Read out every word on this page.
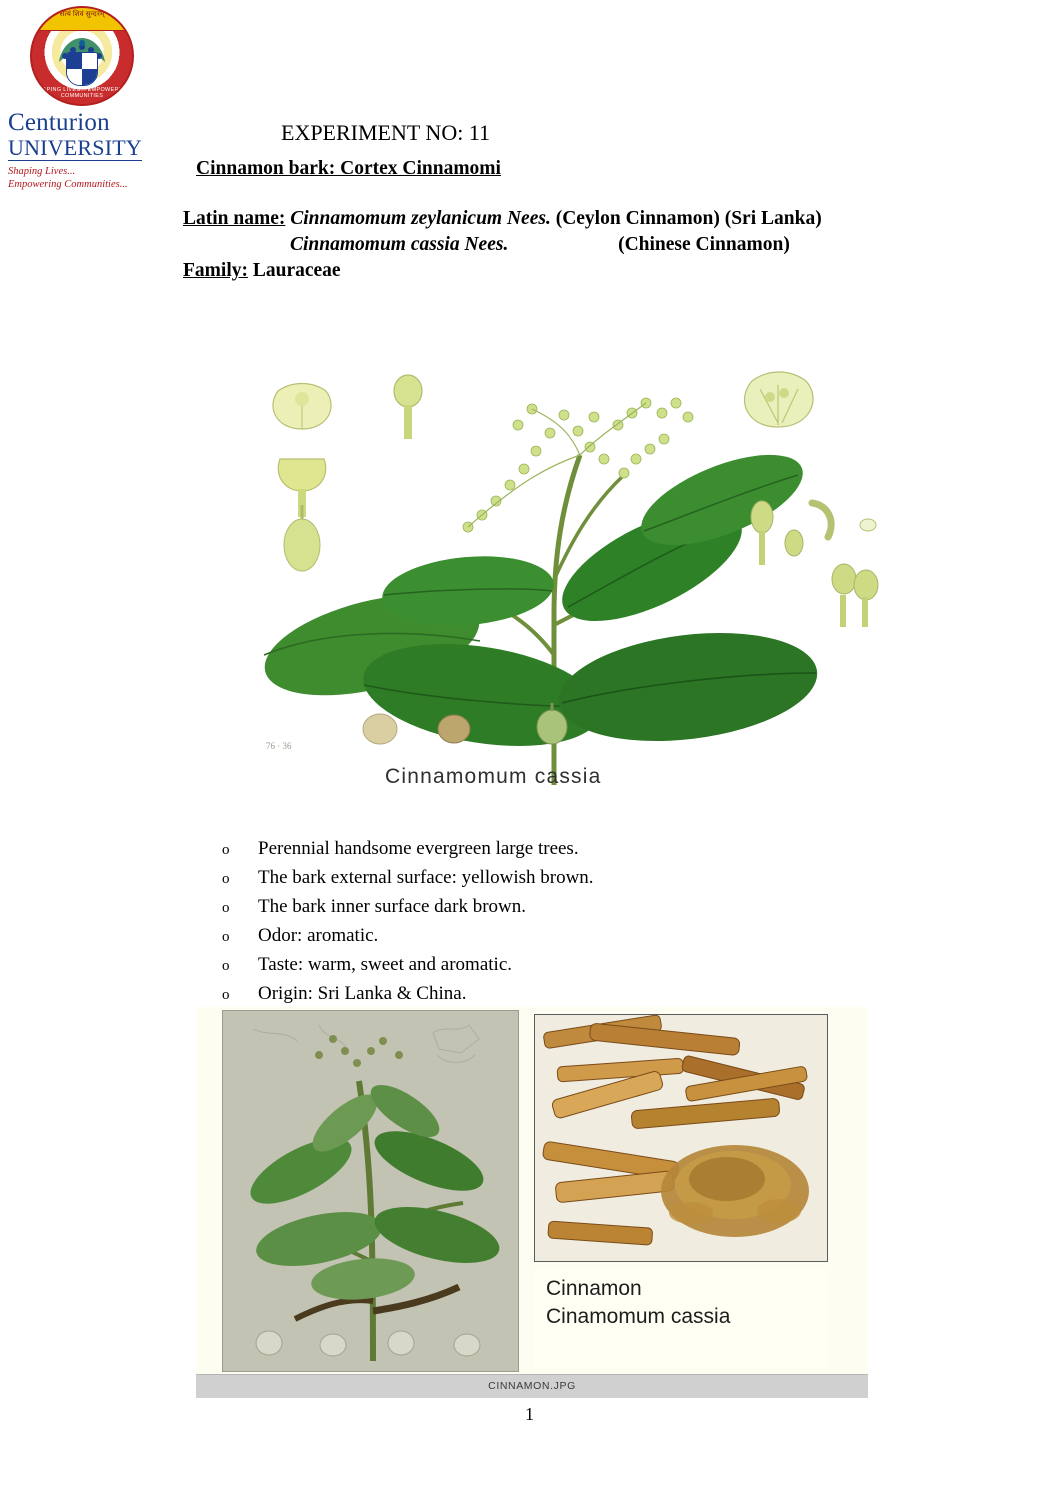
सत्यं शिवं सुन्दरम्
SHAPING LIVES... EMPOWERING COMMUNITIES
Centurion
UNIVERSITY
Shaping Lives...
Empowering Communities...
EXPERIMENT NO: 11
Cinnamon bark: Cortex Cinnamomi
Latin name: Cinnamomum zeylanicum Nees. (Ceylon Cinnamon) (Sri Lanka)
Cinnamomum cassia Nees.	(Chinese Cinnamon)
Family: Lauraceae
76 · 36
Cinnamomum cassia
o	Perennial handsome evergreen large trees.
o	The bark external surface: yellowish brown.
o	The bark inner surface dark brown.
o	Odor: aromatic.
o	Taste: warm, sweet and aromatic.
o	Origin: Sri Lanka & China.
Cinnamon
Cinamomum cassia
CINNAMON.JPG
1
